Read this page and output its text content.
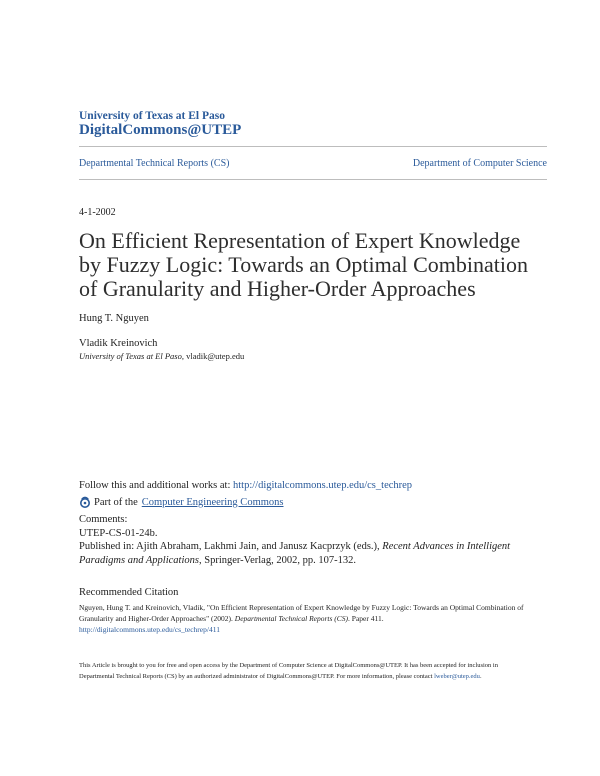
University of Texas at El Paso
DigitalCommons@UTEP
Departmental Technical Reports (CS)	Department of Computer Science
4-1-2002
On Efficient Representation of Expert Knowledge
by Fuzzy Logic: Towards an Optimal Combination
of Granularity and Higher-Order Approaches
Hung T. Nguyen
Vladik Kreinovich
University of Texas at El Paso, vladik@utep.edu
Follow this and additional works at: http://digitalcommons.utep.edu/cs_techrep
Part of the Computer Engineering Commons
Comments:
UTEP-CS-01-24b.
Published in: Ajith Abraham, Lakhmi Jain, and Janusz Kacprzyk (eds.), Recent Advances in Intelligent Paradigms and Applications, Springer-Verlag, 2002, pp. 107-132.
Recommended Citation
Nguyen, Hung T. and Kreinovich, Vladik, "On Efficient Representation of Expert Knowledge by Fuzzy Logic: Towards an Optimal Combination of Granularity and Higher-Order Approaches" (2002). Departmental Technical Reports (CS). Paper 411.
http://digitalcommons.utep.edu/cs_techrep/411
This Article is brought to you for free and open access by the Department of Computer Science at DigitalCommons@UTEP. It has been accepted for inclusion in Departmental Technical Reports (CS) by an authorized administrator of DigitalCommons@UTEP. For more information, please contact lweber@utep.edu.
